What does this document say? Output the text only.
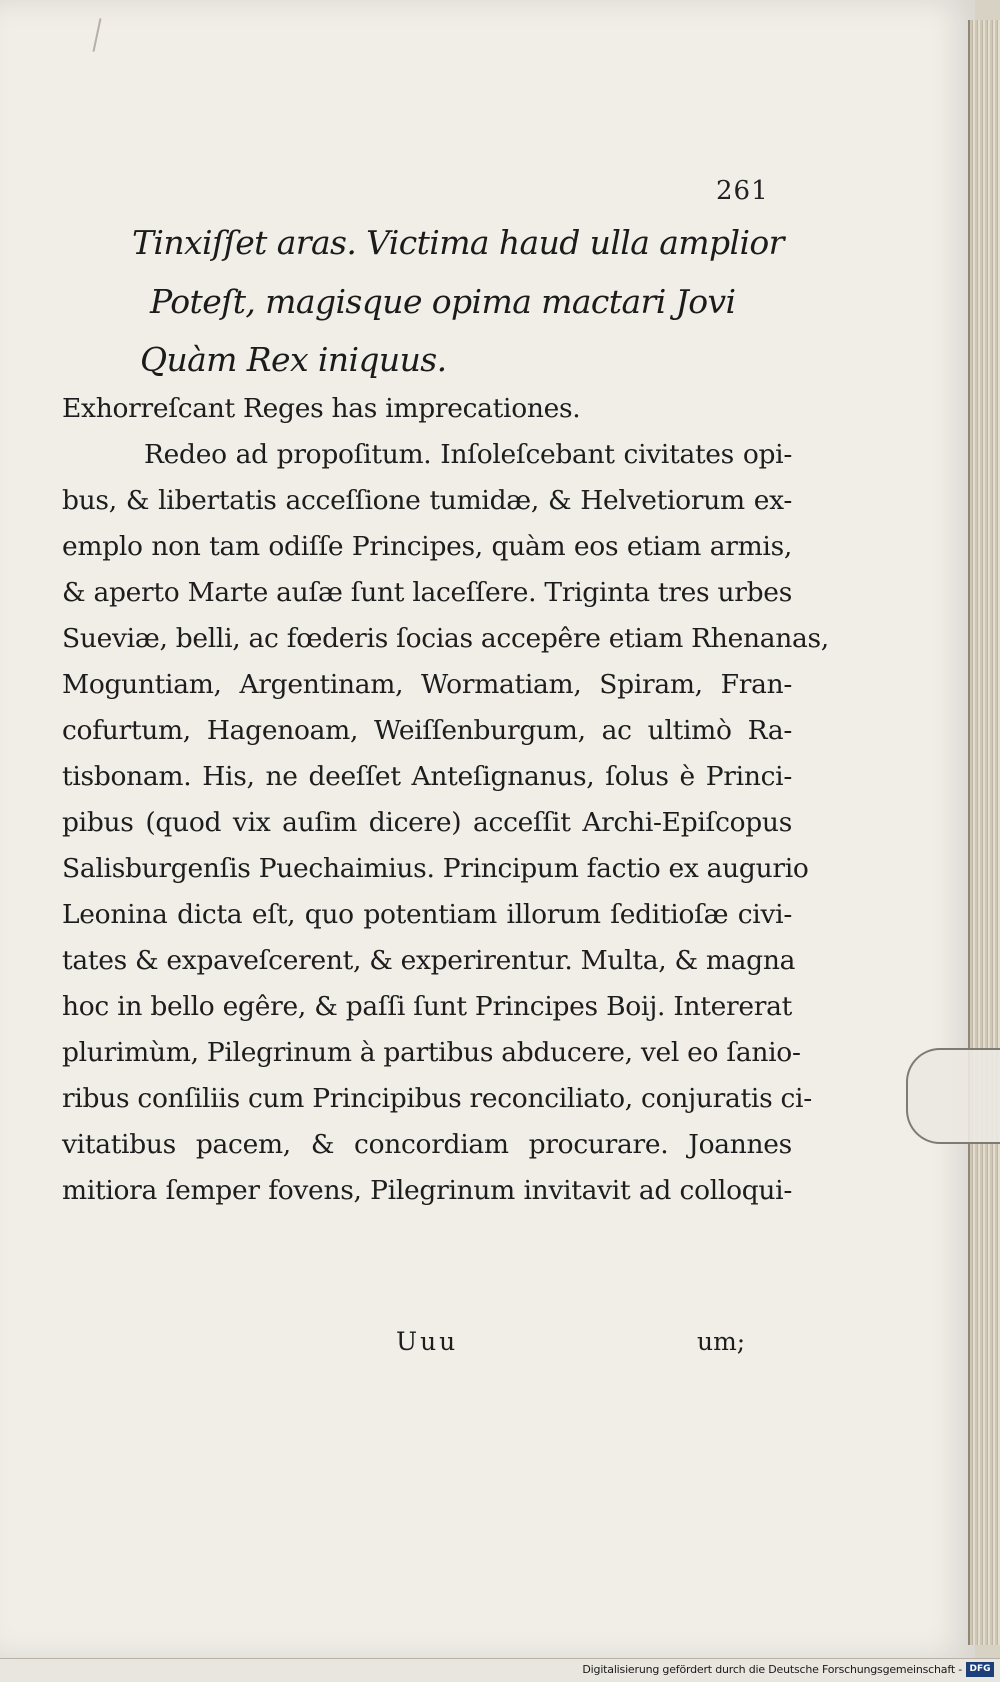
261
Tinxiſſet aras. Victima haud ulla amplior
Poteſt, magisque opima mactari Jovi
Quàm Rex iniquus.
Exhorreſcant Reges has imprecationes.
Redeo ad propoſitum. Inſoleſcebant civitates opi-
bus, & libertatis acceſſione tumidæ, & Helvetiorum ex-
emplo non tam odiſſe Principes, quàm eos etiam armis,
& aperto Marte auſæ ſunt laceſſere. Triginta tres urbes
Sueviæ, belli, ac fœderis ſocias accepêre etiam Rhenanas,
Moguntiam, Argentinam, Wormatiam, Spiram, Fran-
cofurtum, Hagenoam, Weiſſenburgum, ac ultimò Ra-
tisbonam. His, ne deeſſet Anteſignanus, ſolus è Princi-
pibus (quod vix auſim dicere) acceſſit Archi-Epiſcopus
Salisburgenſis Puechaimius. Principum factio ex augurio
Leonina dicta eſt, quo potentiam illorum ſeditioſæ civi-
tates & expaveſcerent, & experirentur. Multa, & magna
hoc in bello egêre, & paſſi ſunt Principes Boij. Intererat
plurimùm, Pilegrinum à partibus abducere, vel eo ſanio-
ribus conſiliis cum Principibus reconciliato, conjuratis ci-
vitatibus pacem, & concordiam procurare. Joannes
mitiora ſemper fovens, Pilegrinum invitavit ad colloqui-
Uuu	um;
Digitalisierung gefördert durch die Deutsche Forschungsgemeinschaft - DFG
